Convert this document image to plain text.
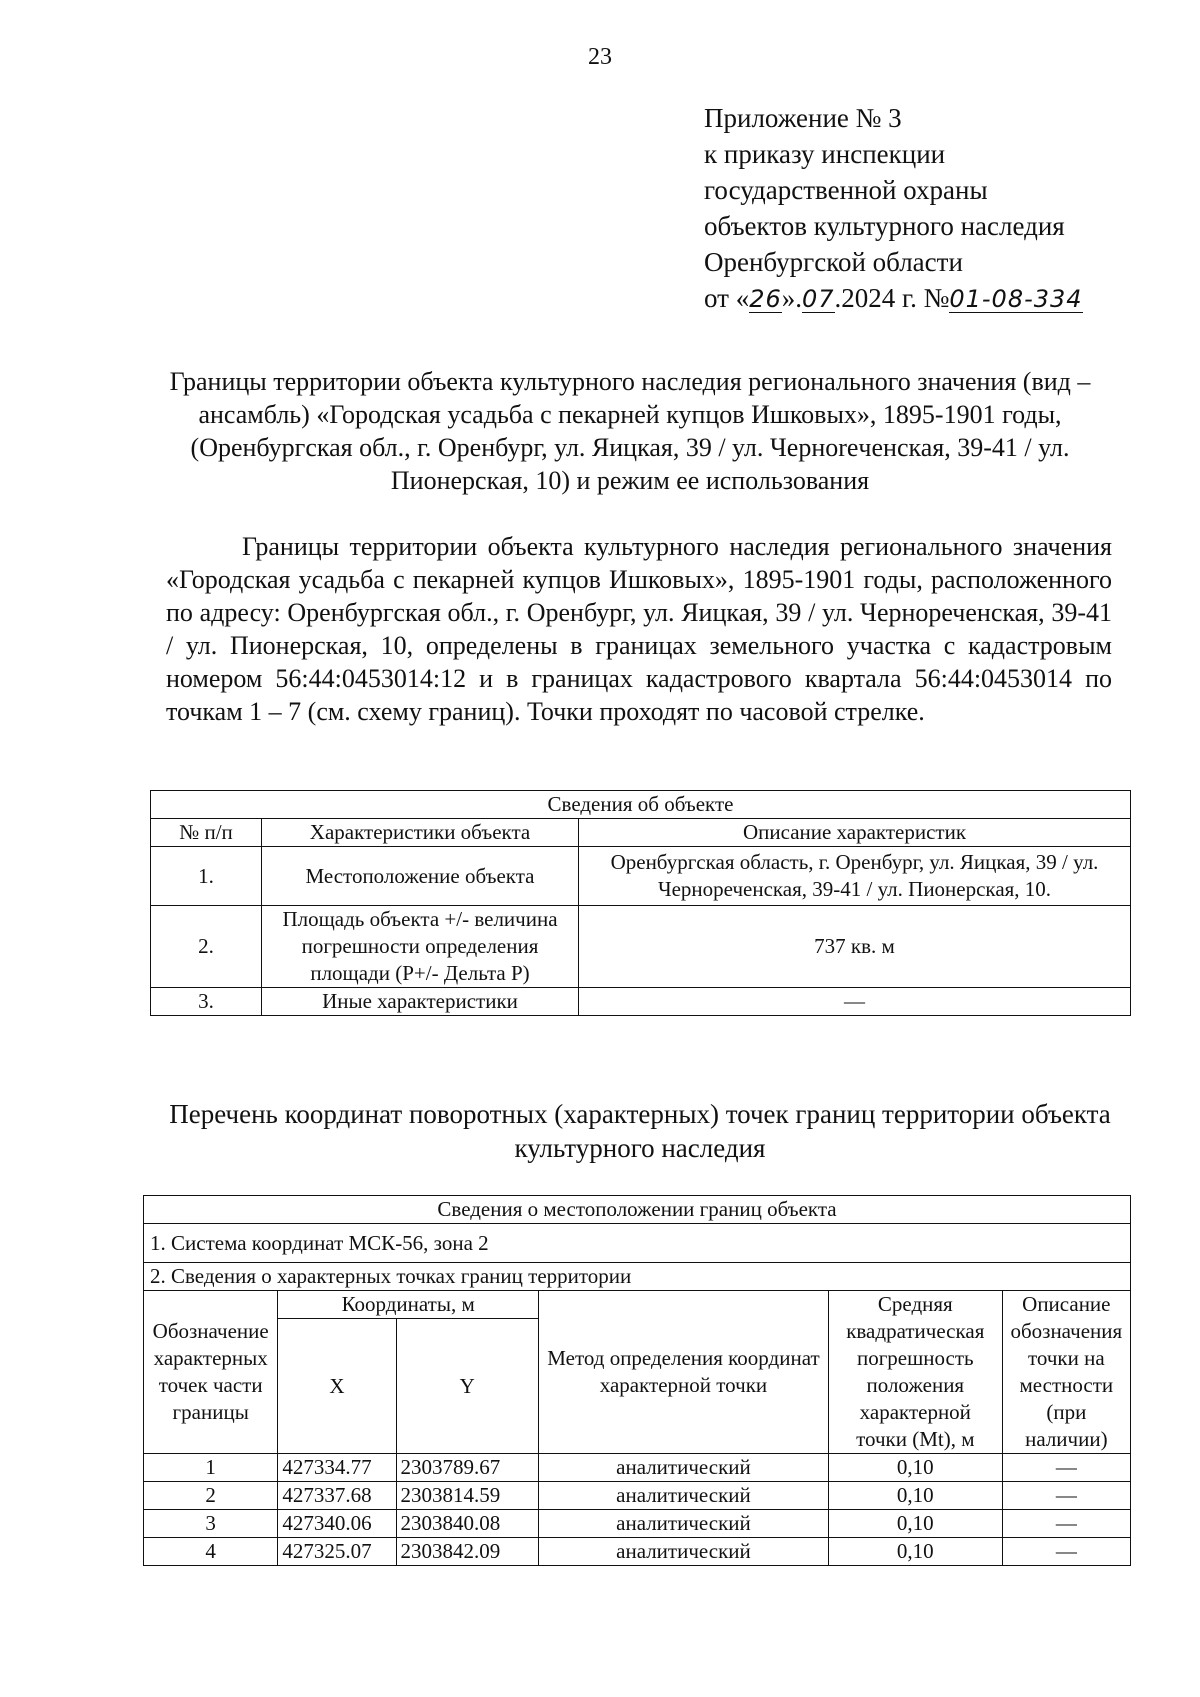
23
Приложение № 3
к приказу инспекции
государственной охраны
объектов культурного наследия
Оренбургской области
от «26».07.2024 г. №01-08-334
Границы территории объекта культурного наследия регионального значения (вид – ансамбль) «Городская усадьба с пекарней купцов Ишковых», 1895-1901 годы, (Оренбургская обл., г. Оренбург, ул. Яицкая, 39 / ул. Черноreченская, 39-41 / ул. Пионерская, 10) и режим ее использования
Границы территории объекта культурного наследия регионального значения «Городская усадьба с пекарней купцов Ишковых», 1895-1901 годы, расположенного по адресу: Оренбургская обл., г. Оренбург, ул. Яицкая, 39 / ул. Чернореченская, 39-41 / ул. Пионерская, 10, определены в границах земельного участка с кадастровым номером 56:44:0453014:12 и в границах кадастрового квартала 56:44:0453014 по точкам 1 – 7 (см. схему границ). Точки проходят по часовой стрелке.
Сведения об объекте		
№ п/п	Характеристики объекта	Описание характеристик
1.	Местоположение объекта	Оренбургская область, г. Оренбург, ул. Яицкая, 39 / ул. Чернореченская, 39-41 / ул. Пионерская, 10.
2.	Площадь объекта +/- величина погрешности определения площади (Р+/- Дельта Р)	737 кв. м
3.	Иные характеристики	—
Перечень координат поворотных (характерных) точек границ территории объекта культурного наследия
Сведения о местоположении границ объекта					
1. Система координат МСК-56, зона 2					
2. Сведения о характерных точках границ территории					
Обозначение характерных точек части границы	Координаты, м		Метод определения координат характерной точки	Средняя квадратическая погрешность положения характерной точки (Mt), м	Описание обозначения точки на местности (при наличии)
	X	Y			
1	427334.77	2303789.67	аналитический	0,10	—
2	427337.68	2303814.59	аналитический	0,10	—
3	427340.06	2303840.08	аналитический	0,10	—
4	427325.07	2303842.09	аналитический	0,10	—
